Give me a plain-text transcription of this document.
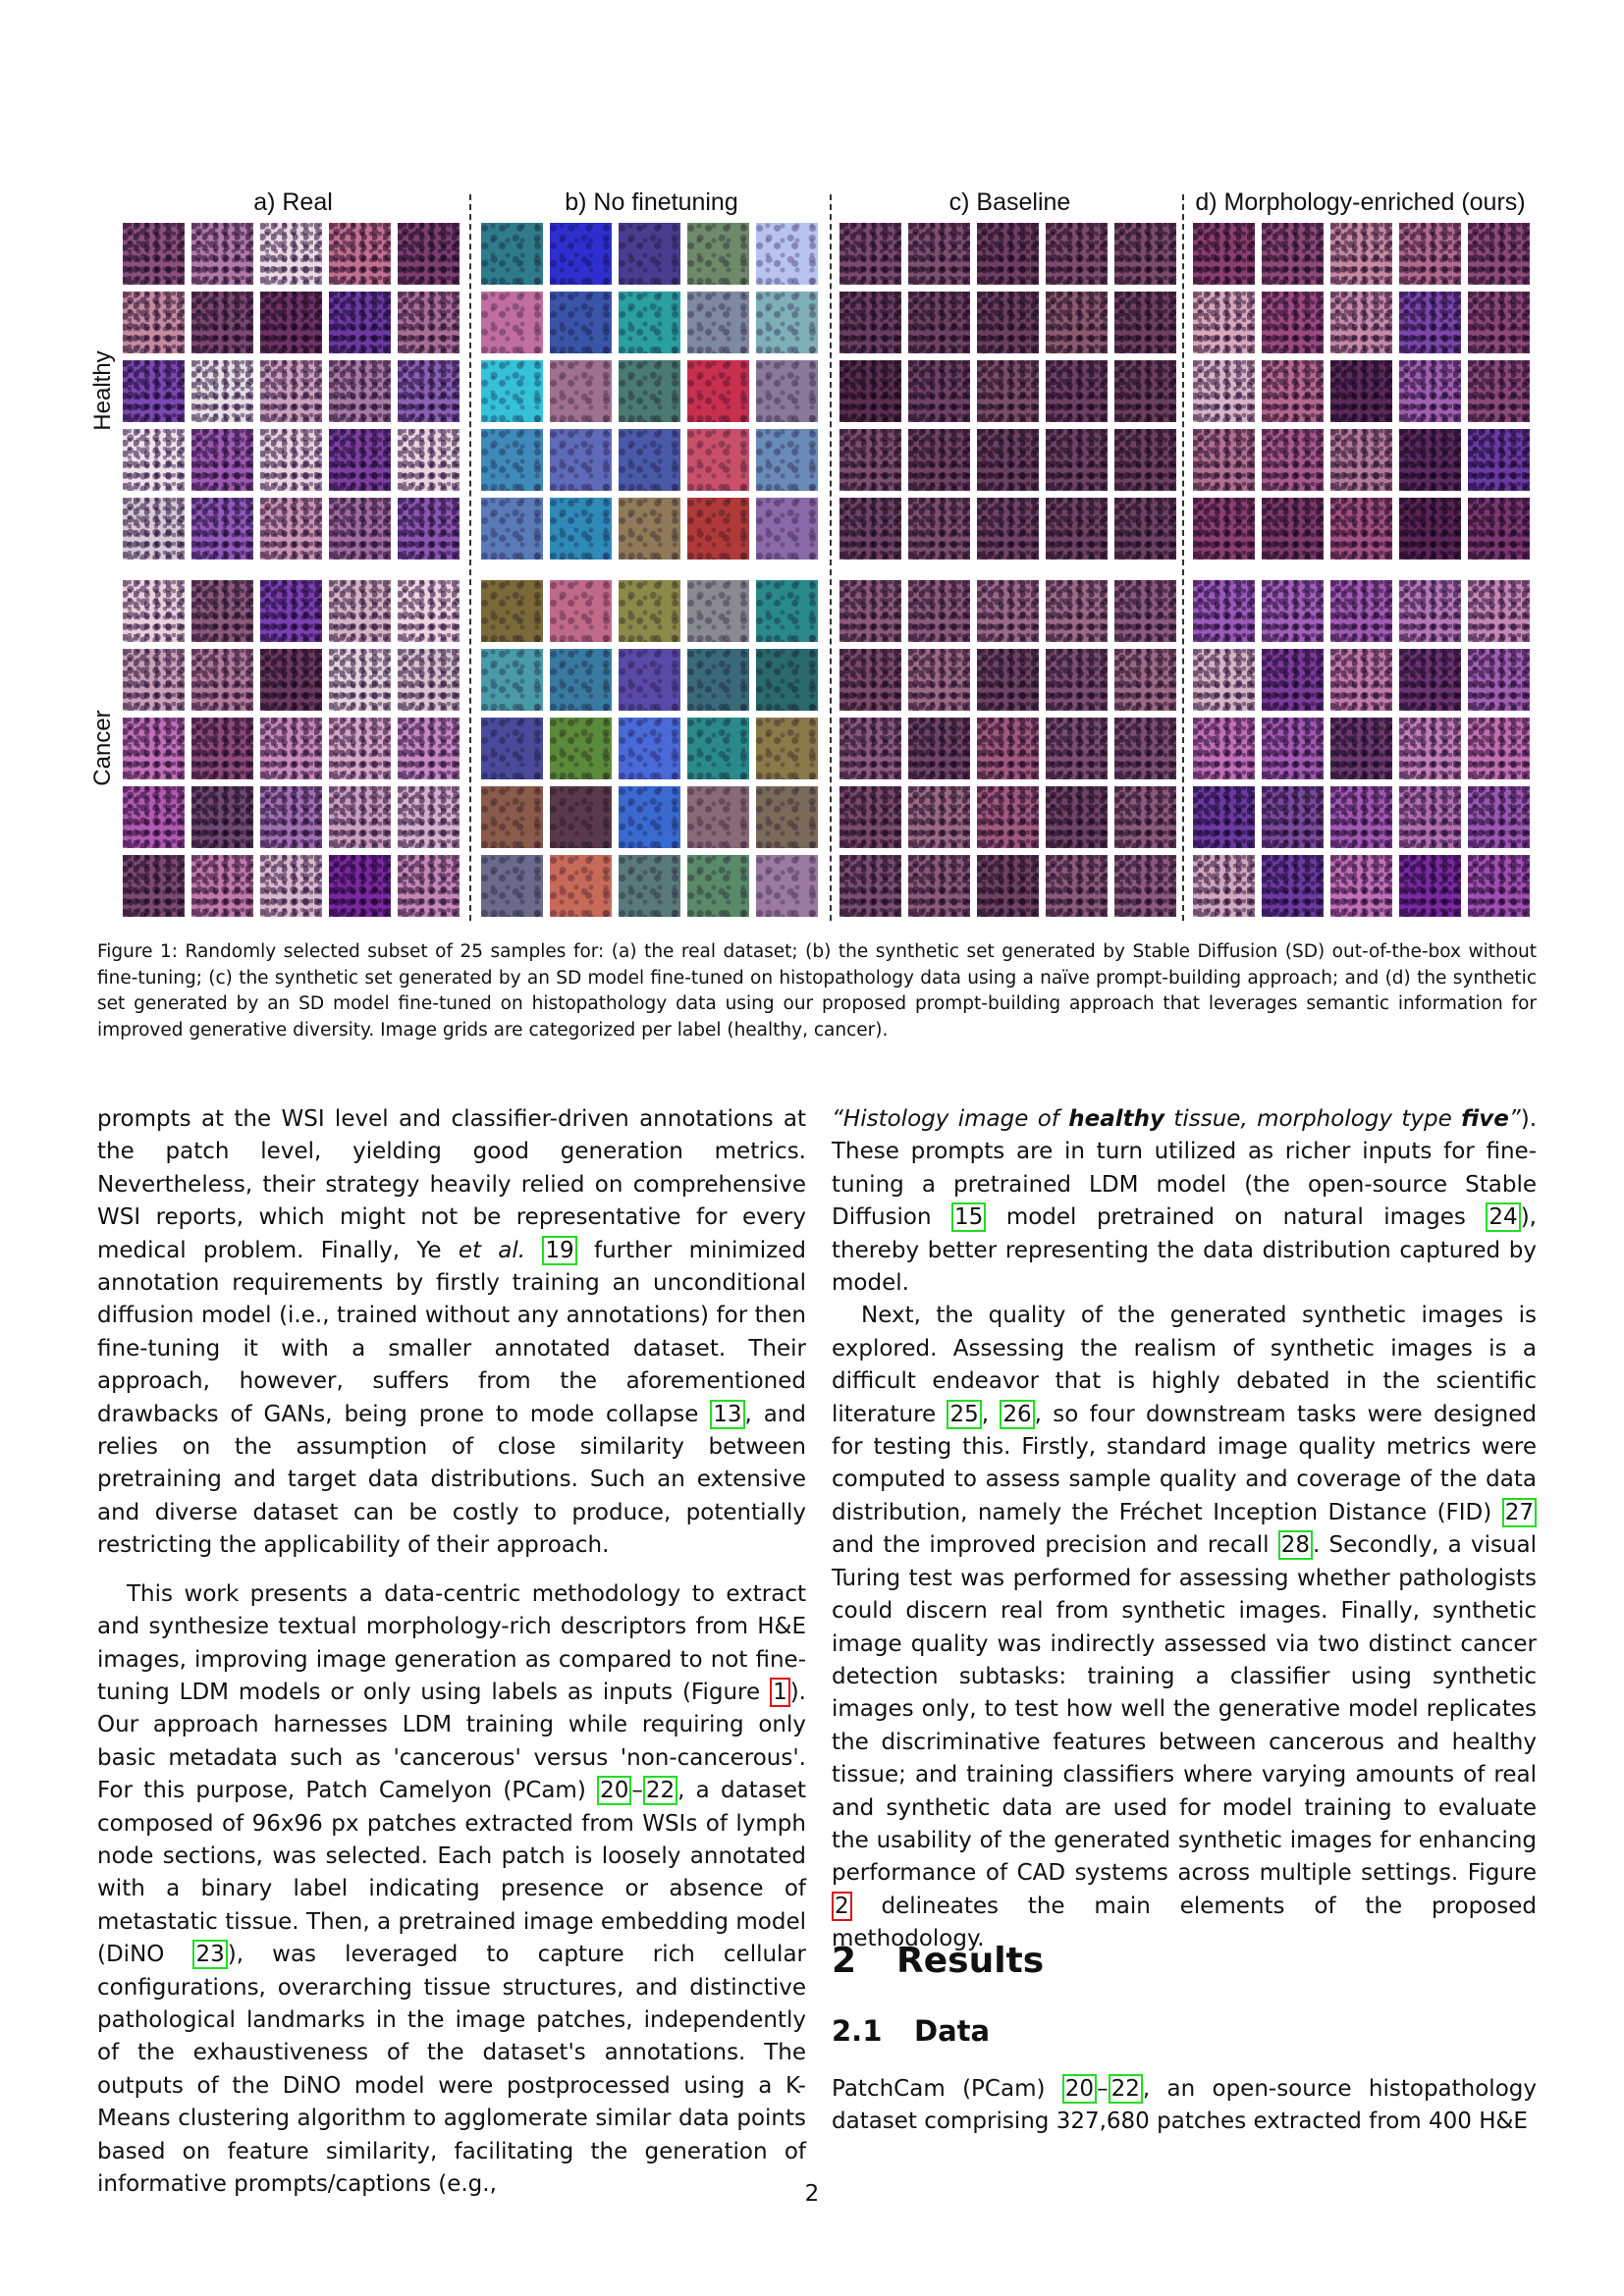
a) Real	b) No finetuning	c) Baseline	d) Morphology-enriched (ours)
Healthy
Cancer
Figure 1: Randomly selected subset of 25 samples for: (a) the real dataset; (b) the synthetic set generated by Stable Diffusion (SD) out-of-the-box without fine-tuning; (c) the synthetic set generated by an SD model fine-tuned on histopathology data using a naïve prompt-building approach; and (d) the synthetic set generated by an SD model fine-tuned on histopathology data using our proposed prompt-building approach that leverages semantic information for improved generative diversity. Image grids are categorized per label (healthy, cancer).

prompts at the WSI level and classifier-driven annotations at the patch level, yielding good generation metrics. Nevertheless, their strategy heavily relied on comprehensive WSI reports, which might not be representative for every medical problem. Finally, Ye et al. 19 further minimized annotation requirements by firstly training an unconditional diffusion model (i.e., trained without any annotations) for then fine-tuning it with a smaller annotated dataset. Their approach, however, suffers from the aforementioned drawbacks of GANs, being prone to mode collapse 13 , and relies on the assumption of close similarity between pretraining and target data distributions. Such an extensive and diverse dataset can be costly to produce, potentially restricting the applicability of their approach.

This work presents a data-centric methodology to extract and synthesize textual morphology-rich descriptors from H&E images, improving image generation as compared to not fine-tuning LDM models or only using labels as inputs (Figure 1 ). Our approach harnesses LDM training while requiring only basic metadata such as 'cancerous' versus 'non-cancerous'. For this purpose, Patch Camelyon (PCam) 20 – 22 , a dataset composed of 96x96 px patches extracted from WSIs of lymph node sections, was selected. Each patch is loosely annotated with a binary label indicating presence or absence of metastatic tissue. Then, a pretrained image embedding model (DiNO 23 ), was leveraged to capture rich cellular configurations, overarching tissue structures, and distinctive pathological landmarks in the image patches, independently of the exhaustiveness of the dataset's annotations. The outputs of the DiNO model were postprocessed using a K-Means clustering algorithm to agglomerate similar data points based on feature similarity, facilitating the generation of informative prompts/captions (e.g.,

“Histology image of healthy tissue, morphology type five”). These prompts are in turn utilized as richer inputs for fine-tuning a pretrained LDM model (the open-source Stable Diffusion 15 model pretrained on natural images 24 ), thereby better representing the data distribution captured by model.

Next, the quality of the generated synthetic images is explored. Assessing the realism of synthetic images is a difficult endeavor that is highly debated in the scientific literature 25 , 26 , so four downstream tasks were designed for testing this. Firstly, standard image quality metrics were computed to assess sample quality and coverage of the data distribution, namely the Fréchet Inception Distance (FID) 27 and the improved precision and recall 28 . Secondly, a visual Turing test was performed for assessing whether pathologists could discern real from synthetic images. Finally, synthetic image quality was indirectly assessed via two distinct cancer detection subtasks: training a classifier using synthetic images only, to test how well the generative model replicates the discriminative features between cancerous and healthy tissue; and training classifiers where varying amounts of real and synthetic data are used for model training to evaluate the usability of the generated synthetic images for enhancing performance of CAD systems across multiple settings. Figure 2 delineates the main elements of the proposed methodology.

2 Results
2.1 Data
PatchCam (PCam) 20 – 22 , an open-source histopathology dataset comprising 327,680 patches extracted from 400 H&E
2
